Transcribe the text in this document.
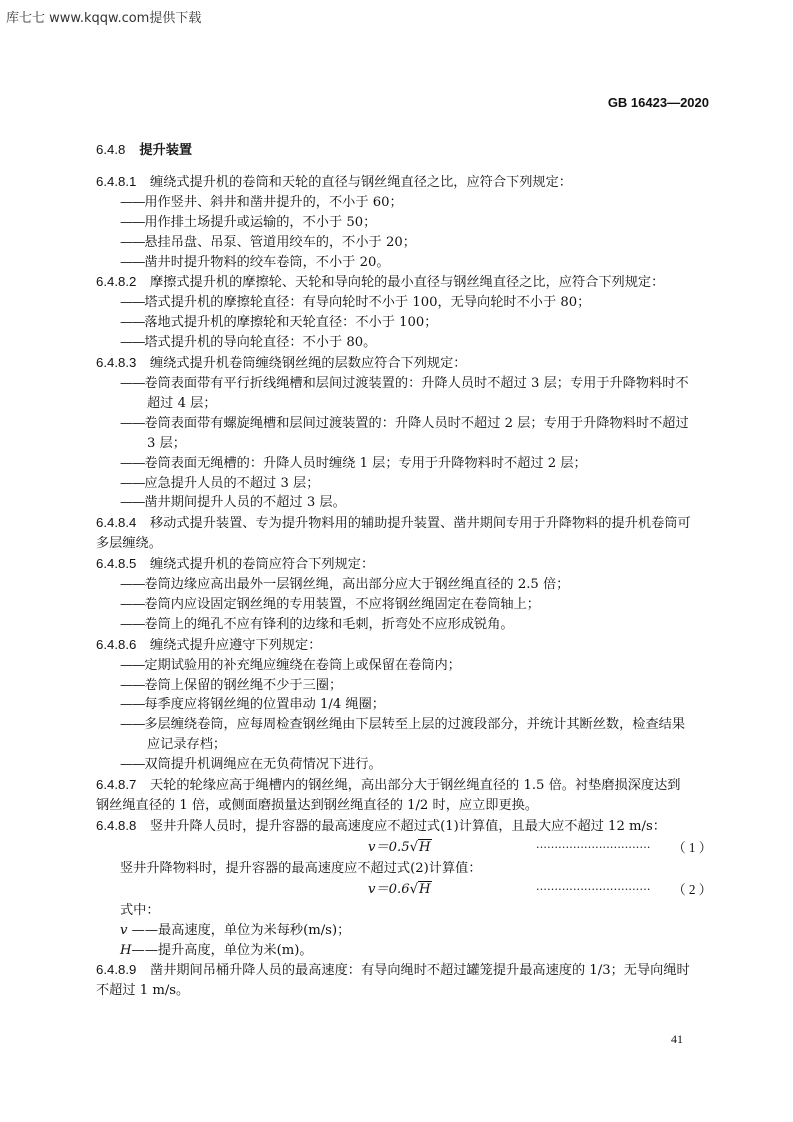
库七七 www.kqqw.com提供下载
GB 16423—2020
6.4.8 提升装置
6.4.8.1 缠绕式提升机的卷筒和天轮的直径与钢丝绳直径之比，应符合下列规定：
——用作竖井、斜井和凿井提升的，不小于 60；
——用作排土场提升或运输的，不小于 50；
——悬挂吊盘、吊泵、管道用绞车的，不小于 20；
——凿井时提升物料的绞车卷筒，不小于 20。
6.4.8.2 摩擦式提升机的摩擦轮、天轮和导向轮的最小直径与钢丝绳直径之比，应符合下列规定：
——塔式提升机的摩擦轮直径：有导向轮时不小于 100，无导向轮时不小于 80；
——落地式提升机的摩擦轮和天轮直径：不小于 100；
——塔式提升机的导向轮直径：不小于 80。
6.4.8.3 缠绕式提升机卷筒缠绕钢丝绳的层数应符合下列规定：
——卷筒表面带有平行折线绳槽和层间过渡装置的：升降人员时不超过 3 层；专用于升降物料时不
超过 4 层；
——卷筒表面带有螺旋绳槽和层间过渡装置的：升降人员时不超过 2 层；专用于升降物料时不超过
3 层；
——卷筒表面无绳槽的：升降人员时缠绕 1 层；专用于升降物料时不超过 2 层；
——应急提升人员的不超过 3 层；
——凿井期间提升人员的不超过 3 层。
6.4.8.4 移动式提升装置、专为提升物料用的辅助提升装置、凿井期间专用于升降物料的提升机卷筒可
多层缠绕。
6.4.8.5 缠绕式提升机的卷筒应符合下列规定：
——卷筒边缘应高出最外一层钢丝绳，高出部分应大于钢丝绳直径的 2.5 倍；
——卷筒内应设固定钢丝绳的专用装置，不应将钢丝绳固定在卷筒轴上；
——卷筒上的绳孔不应有锋利的边缘和毛刺，折弯处不应形成锐角。
6.4.8.6 缠绕式提升应遵守下列规定：
——定期试验用的补充绳应缠绕在卷筒上或保留在卷筒内；
——卷筒上保留的钢丝绳不少于三圈；
——每季度应将钢丝绳的位置串动 1/4 绳圈；
——多层缠绕卷筒，应每周检查钢丝绳由下层转至上层的过渡段部分，并统计其断丝数，检查结果
应记录存档；
——双筒提升机调绳应在无负荷情况下进行。
6.4.8.7 天轮的轮缘应高于绳槽内的钢丝绳，高出部分大于钢丝绳直径的 1.5 倍。衬垫磨损深度达到
钢丝绳直径的 1 倍，或侧面磨损量达到钢丝绳直径的 1/2 时，应立即更换。
6.4.8.8 竖井升降人员时，提升容器的最高速度应不超过式(1)计算值，且最大应不超过 12 m/s：
v＝0.5√H	······························· （ 1 ）
竖井升降物料时，提升容器的最高速度应不超过式(2)计算值：
v＝0.6√H	······························· （ 2 ）
式中：
v ——最高速度，单位为米每秒(m/s)；
H——提升高度，单位为米(m)。
6.4.8.9 凿井期间吊桶升降人员的最高速度：有导向绳时不超过罐笼提升最高速度的 1/3；无导向绳时
不超过 1 m/s。
41
